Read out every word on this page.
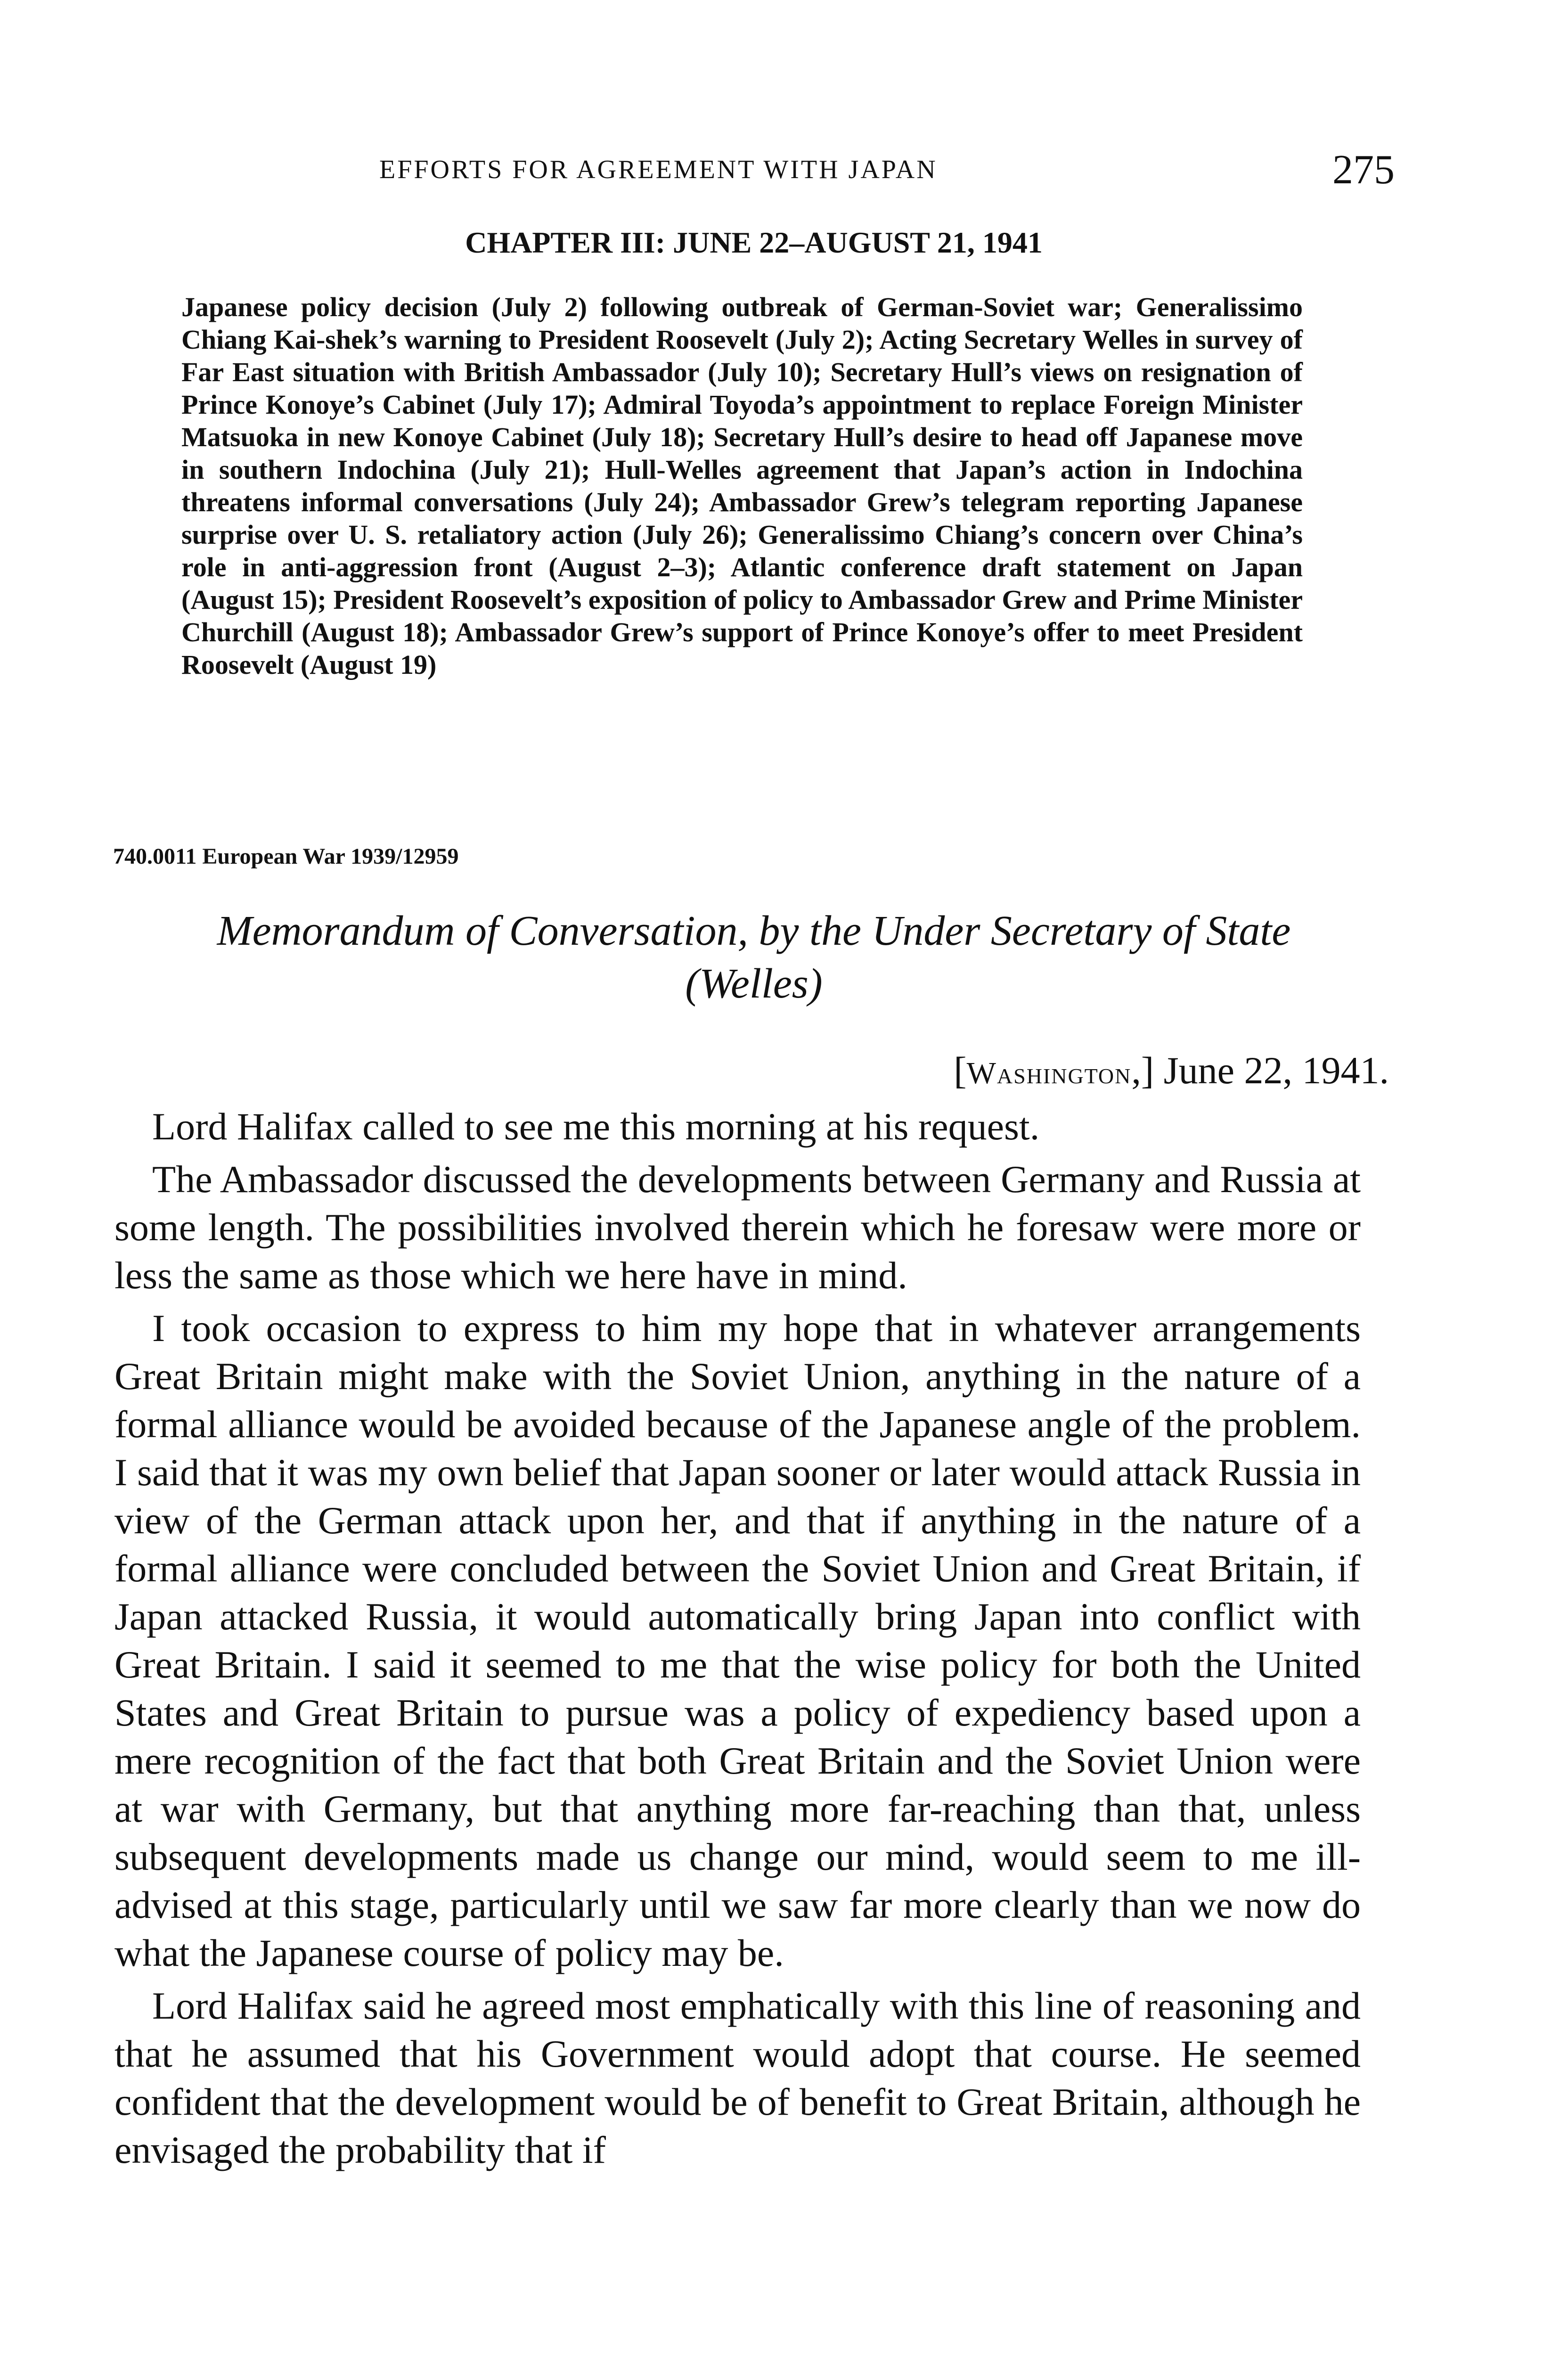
EFFORTS FOR AGREEMENT WITH JAPAN	275
CHAPTER III: JUNE 22–AUGUST 21, 1941
Japanese policy decision (July 2) following outbreak of German-Soviet war; Generalissimo Chiang Kai-shek’s warning to President Roosevelt (July 2); Acting Secretary Welles in survey of Far East situation with British Ambassador (July 10); Secretary Hull’s views on resignation of Prince Konoye’s Cabinet (July 17); Admiral Toyoda’s appointment to replace Foreign Minister Matsuoka in new Konoye Cabinet (July 18); Secretary Hull’s desire to head off Japanese move in southern Indochina (July 21); Hull-Welles agreement that Japan’s action in Indochina threatens informal conversations (July 24); Ambassador Grew’s telegram reporting Japanese surprise over U. S. retaliatory action (July 26); Generalissimo Chiang’s concern over China’s role in anti-aggression front (August 2–3); Atlantic conference draft statement on Japan (August 15); President Roosevelt’s exposition of policy to Ambassador Grew and Prime Minister Churchill (August 18); Ambassador Grew’s support of Prince Konoye’s offer to meet President Roosevelt (August 19)
740.0011 European War 1939/12959
Memorandum of Conversation, by the Under Secretary of State
(Welles)
[Washington,] June 22, 1941.

Lord Halifax called to see me this morning at his request.

The Ambassador discussed the developments between Germany and Russia at some length. The possibilities involved therein which he foresaw were more or less the same as those which we here have in mind.

I took occasion to express to him my hope that in whatever arrangements Great Britain might make with the Soviet Union, anything in the nature of a formal alliance would be avoided because of the Japanese angle of the problem. I said that it was my own belief that Japan sooner or later would attack Russia in view of the German attack upon her, and that if anything in the nature of a formal alliance were concluded between the Soviet Union and Great Britain, if Japan attacked Russia, it would automatically bring Japan into conflict with Great Britain. I said it seemed to me that the wise policy for both the United States and Great Britain to pursue was a policy of expediency based upon a mere recognition of the fact that both Great Britain and the Soviet Union were at war with Germany, but that anything more far-reaching than that, unless subsequent developments made us change our mind, would seem to me ill-advised at this stage, particularly until we saw far more clearly than we now do what the Japanese course of policy may be.

Lord Halifax said he agreed most emphatically with this line of reasoning and that he assumed that his Government would adopt that course. He seemed confident that the development would be of benefit to Great Britain, although he envisaged the probability that if
